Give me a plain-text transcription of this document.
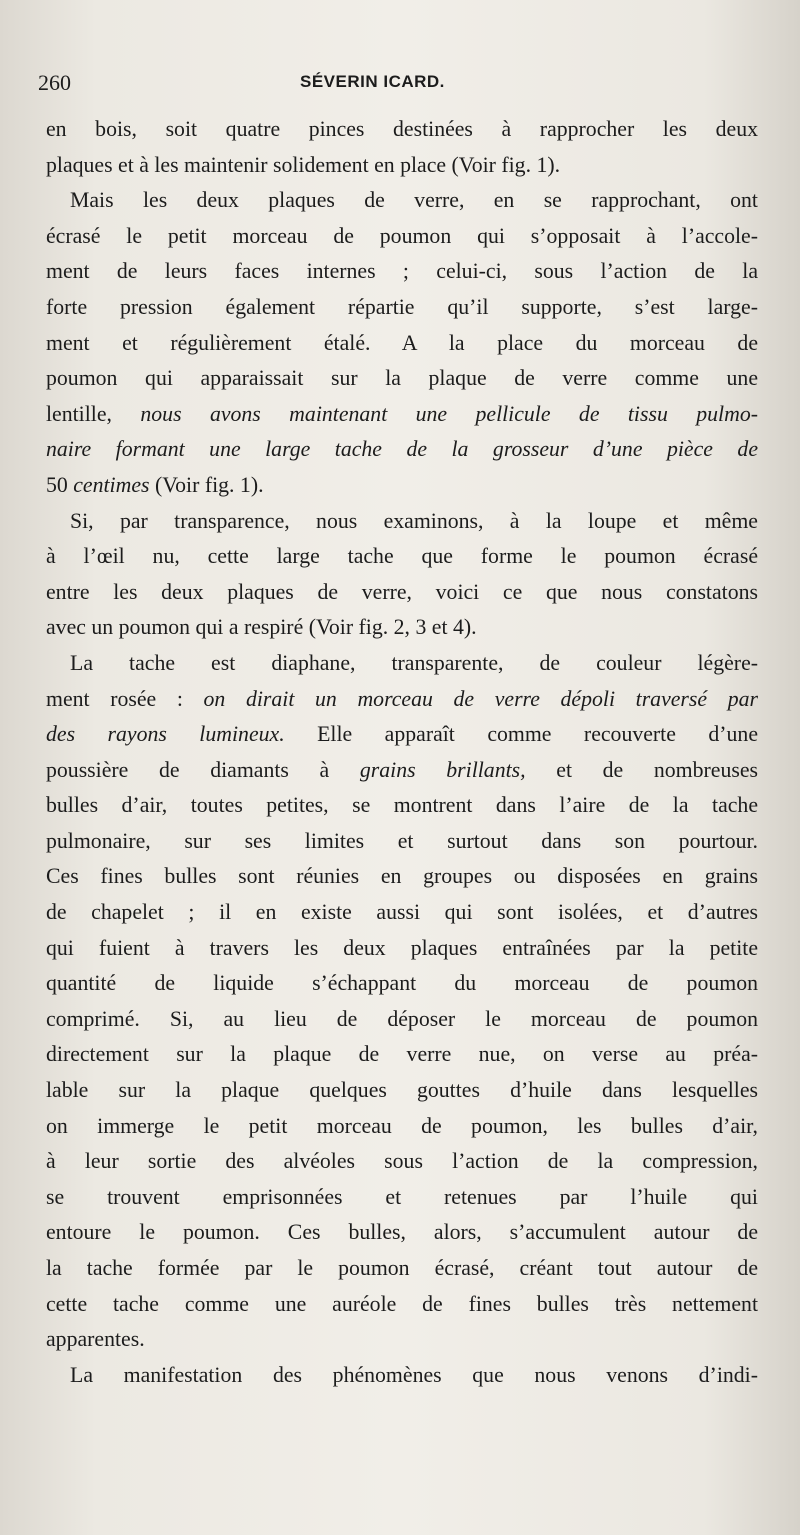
260	SÉVERIN ICARD.
en bois, soit quatre pinces destinées à rapprocher les deux
plaques et à les maintenir solidement en place (Voir fig. 1).
Mais les deux plaques de verre, en se rapprochant, ont
écrasé le petit morceau de poumon qui s’opposait à l’accole-
ment de leurs faces internes ; celui-ci, sous l’action de la
forte pression également répartie qu’il supporte, s’est large-
ment et régulièrement étalé. A la place du morceau de
poumon qui apparaissait sur la plaque de verre comme une
lentille, nous avons maintenant une pellicule de tissu pulmo-
naire formant une large tache de la grosseur d’une pièce de
50 centimes (Voir fig. 1).
Si, par transparence, nous examinons, à la loupe et même
à l’œil nu, cette large tache que forme le poumon écrasé
entre les deux plaques de verre, voici ce que nous constatons
avec un poumon qui a respiré (Voir fig. 2, 3 et 4).
La tache est diaphane, transparente, de couleur légère-
ment rosée : on dirait un morceau de verre dépoli traversé par
des rayons lumineux. Elle apparaît comme recouverte d’une
poussière de diamants à grains brillants, et de nombreuses
bulles d’air, toutes petites, se montrent dans l’aire de la tache
pulmonaire, sur ses limites et surtout dans son pourtour.
Ces fines bulles sont réunies en groupes ou disposées en grains
de chapelet ; il en existe aussi qui sont isolées, et d’autres
qui fuient à travers les deux plaques entraînées par la petite
quantité de liquide s’échappant du morceau de poumon
comprimé. Si, au lieu de déposer le morceau de poumon
directement sur la plaque de verre nue, on verse au préa-
lable sur la plaque quelques gouttes d’huile dans lesquelles
on immerge le petit morceau de poumon, les bulles d’air,
à leur sortie des alvéoles sous l’action de la compression,
se trouvent emprisonnées et retenues par l’huile qui
entoure le poumon. Ces bulles, alors, s’accumulent autour de
la tache formée par le poumon écrasé, créant tout autour de
cette tache comme une auréole de fines bulles très nettement
apparentes.
La manifestation des phénomènes que nous venons d’indi-
